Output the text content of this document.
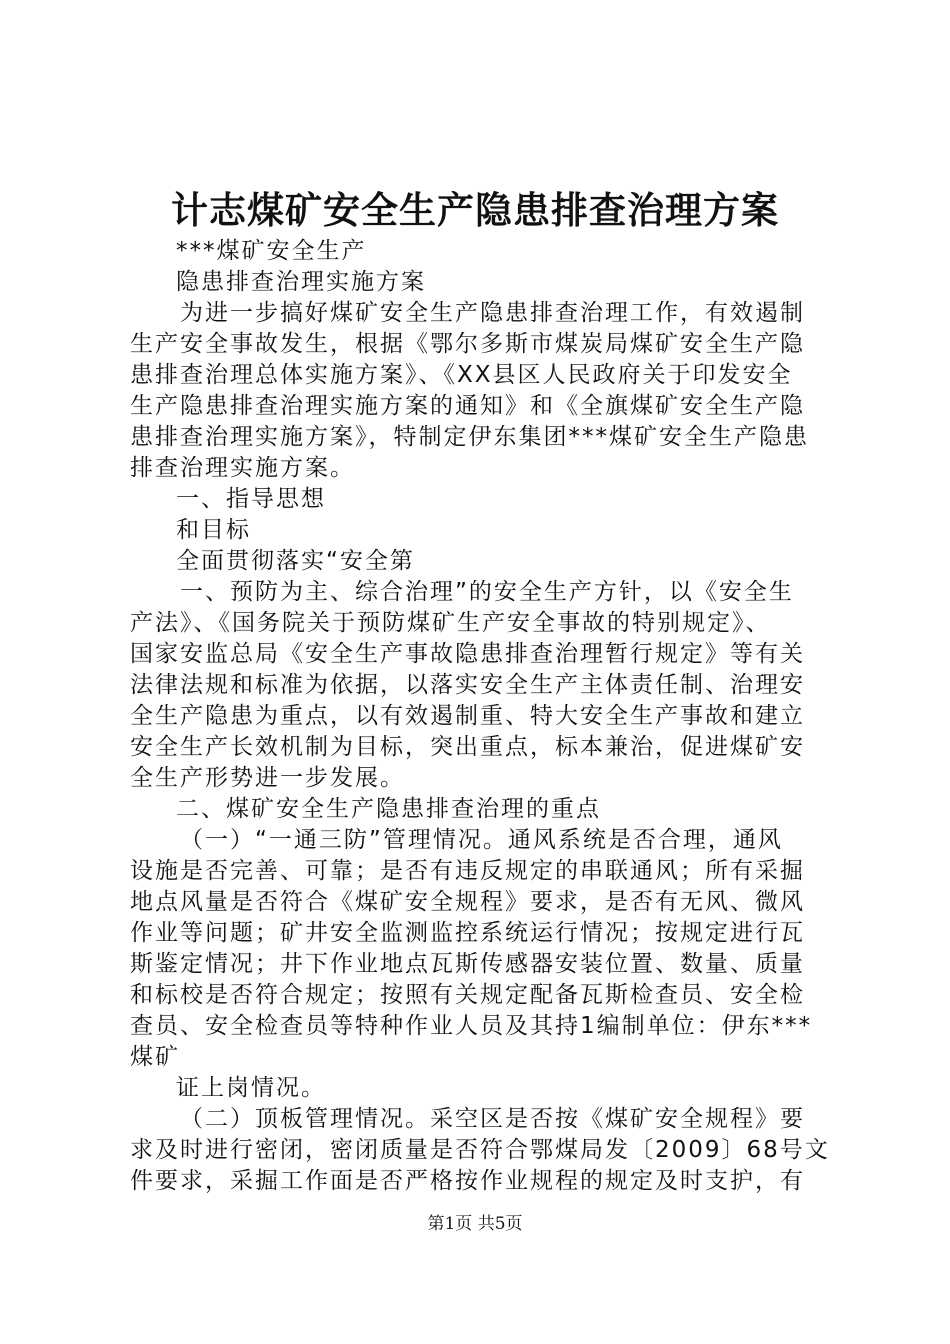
计志煤矿安全生产隐患排查治理方案
***煤矿安全生产
隐患排查治理实施方案
为进一步搞好煤矿安全生产隐患排查治理工作，有效遏制
生产安全事故发生，根据《鄂尔多斯市煤炭局煤矿安全生产隐
患排查治理总体实施方案》、《XX县区人民政府关于印发安全
生产隐患排查治理实施方案的通知》和《全旗煤矿安全生产隐
患排查治理实施方案》，特制定伊东集团***煤矿安全生产隐患
排查治理实施方案。
一、指导思想
和目标
全面贯彻落实“安全第
一、预防为主、综合治理”的安全生产方针，以《安全生
产法》、《国务院关于预防煤矿生产安全事故的特别规定》、
国家安监总局《安全生产事故隐患排查治理暂行规定》等有关
法律法规和标准为依据，以落实安全生产主体责任制、治理安
全生产隐患为重点，以有效遏制重、特大安全生产事故和建立
安全生产长效机制为目标，突出重点，标本兼治，促进煤矿安
全生产形势进一步发展。
二、煤矿安全生产隐患排查治理的重点
（一）“一通三防”管理情况。通风系统是否合理，通风
设施是否完善、可靠；是否有违反规定的串联通风；所有采掘
地点风量是否符合《煤矿安全规程》要求，是否有无风、微风
作业等问题；矿井安全监测监控系统运行情况；按规定进行瓦
斯鉴定情况；井下作业地点瓦斯传感器安装位置、数量、质量
和标校是否符合规定；按照有关规定配备瓦斯检查员、安全检
查员、安全检查员等特种作业人员及其持1编制单位：伊东***
煤矿
证上岗情况。
（二）顶板管理情况。采空区是否按《煤矿安全规程》要
求及时进行密闭，密闭质量是否符合鄂煤局发〔2009〕68号文
件要求，采掘工作面是否严格按作业规程的规定及时支护，有
第1页 共5页
